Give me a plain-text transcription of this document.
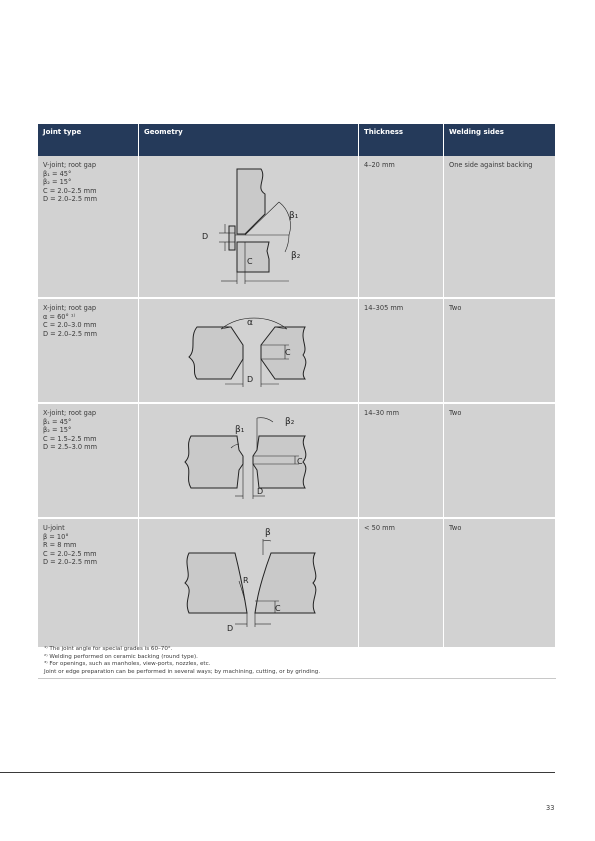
Joint type	Geometry	Thickness	Welding sides
V-joint; root gap
β₁ = 45°
β₂ = 15°
C = 2.0–2.5 mm
D = 2.0–2.5 mm
β₁
β₂
C
D
4–20 mm	One side against backing
X-joint; root gap
α = 60° ¹⁾
C = 2.0–3.0 mm
D = 2.0–2.5 mm
α
C
D
14–305 mm	Two
X-joint; root gap
β₁ = 45°
β₂ = 15°
C = 1.5–2.5 mm
D = 2.5–3.0 mm
β₁
β₂
C
D
14–30 mm	Two
U-joint
β = 10°
R = 8 mm
C = 2.0–2.5 mm
D = 2.0–2.5 mm
β
R
C
D
< 50 mm	Two
¹⁾ The joint angle for special grades is 60–70°.
²⁾ Welding performed on ceramic backing (round type).
³⁾ For openings, such as manholes, view-ports, nozzles, etc.
Joint or edge preparation can be performed in several ways; by machining, cutting, or by grinding.
33
